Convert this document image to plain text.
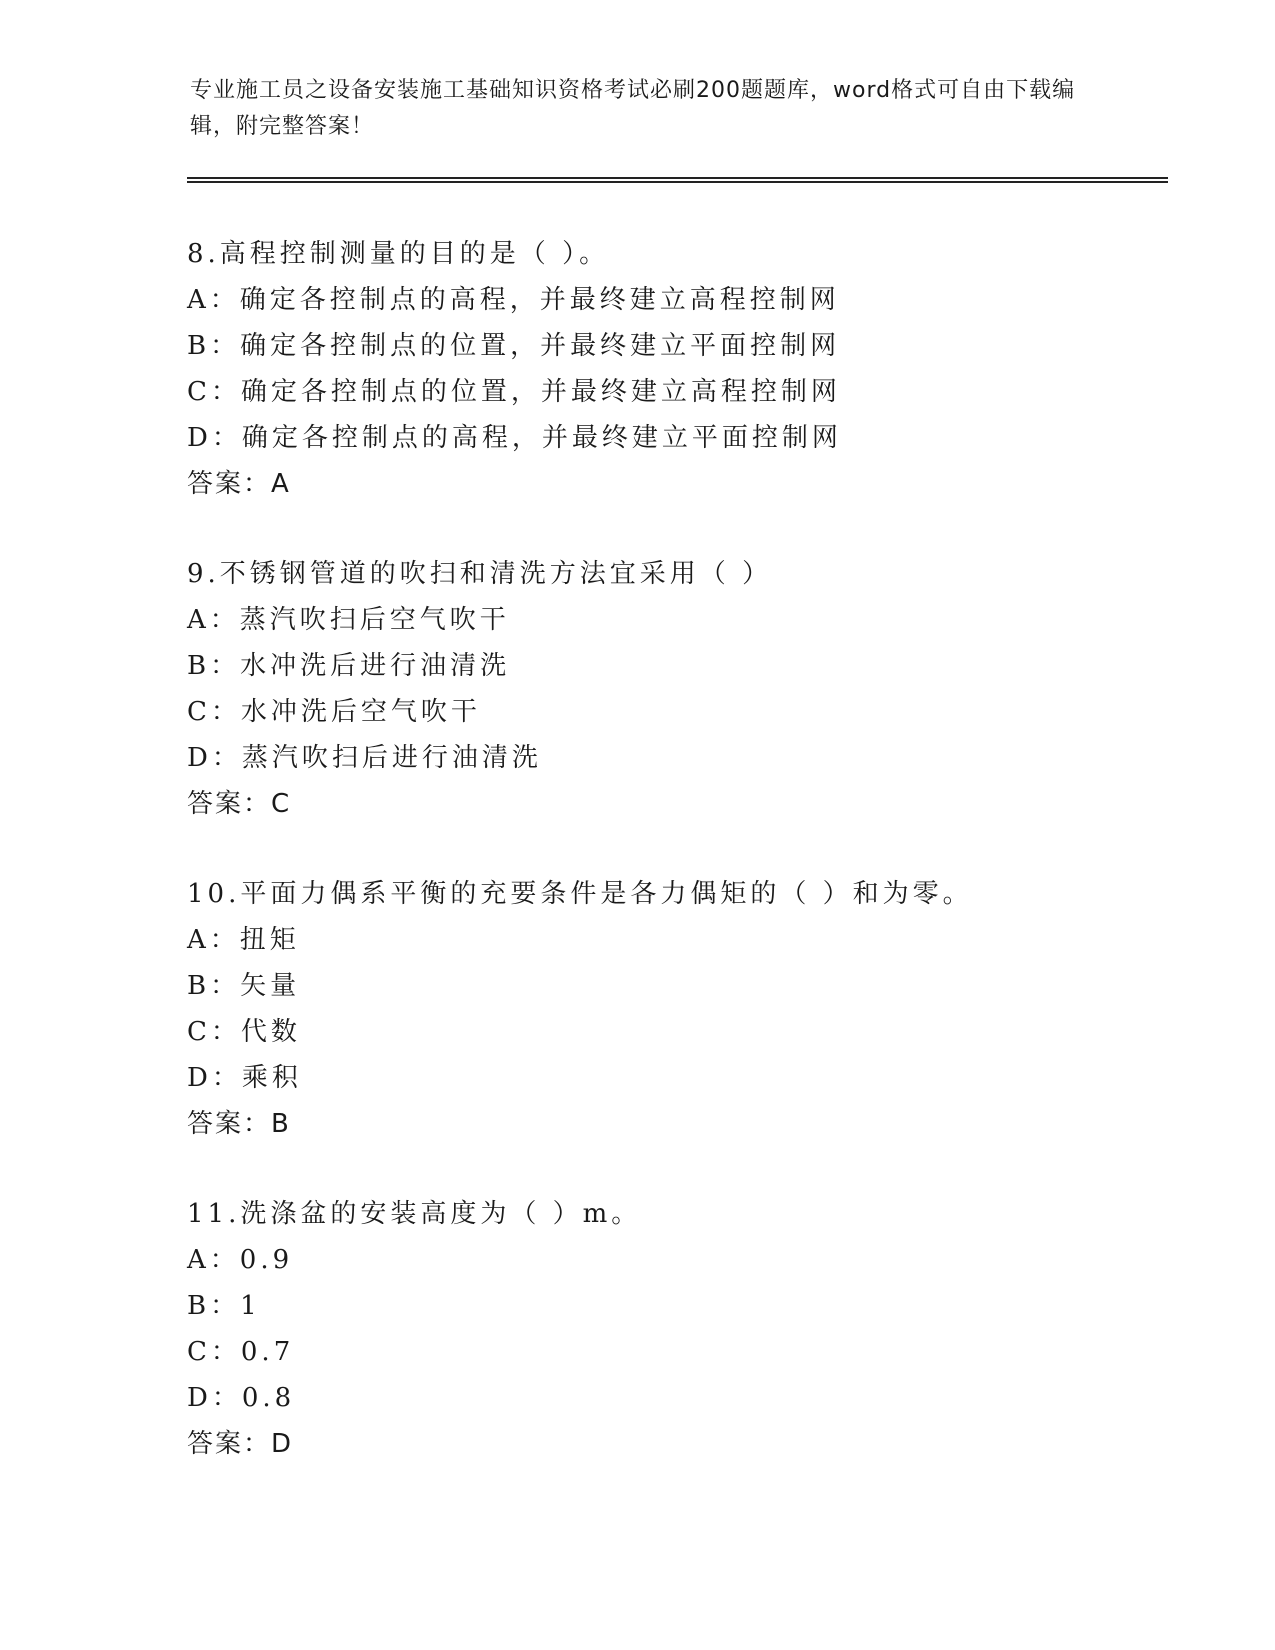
专业施工员之设备安装施工基础知识资格考试必刷200题题库，word格式可自由下载编辑，附完整答案！
8.高程控制测量的目的是（ ）。
A：确定各控制点的高程，并最终建立高程控制网
B：确定各控制点的位置，并最终建立平面控制网
C：确定各控制点的位置，并最终建立高程控制网
D：确定各控制点的高程，并最终建立平面控制网
答案：A
9.不锈钢管道的吹扫和清洗方法宜采用（ ）
A：蒸汽吹扫后空气吹干
B：水冲洗后进行油清洗
C：水冲洗后空气吹干
D：蒸汽吹扫后进行油清洗
答案：C
10.平面力偶系平衡的充要条件是各力偶矩的（ ）和为零。
A：扭矩
B：矢量
C：代数
D：乘积
答案：B
11.洗涤盆的安装高度为（ ）m。
A：0.9
B：1
C：0.7
D：0.8
答案：D
